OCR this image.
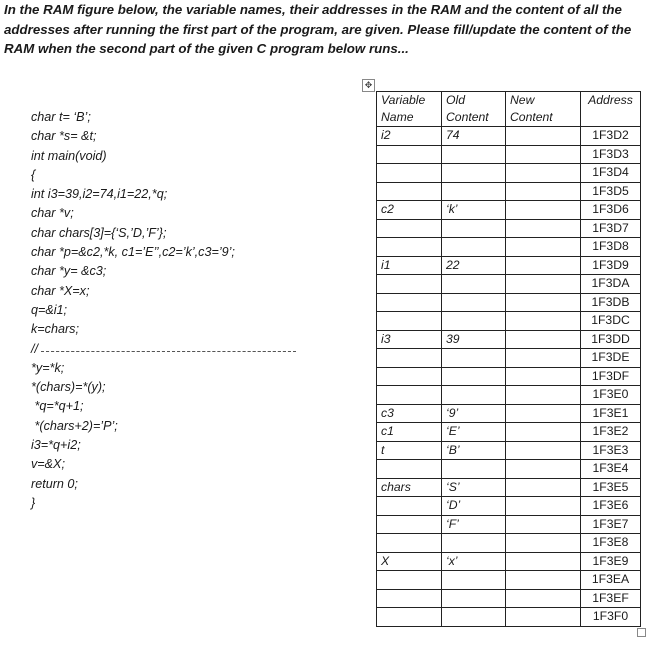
In the RAM figure below, the variable names, their addresses in the RAM and the content of all the addresses after running the first part of the program, are given. Please fill/update the content of the RAM when the second part of the given C program below runs...
char t= ‘B’;
char *s= &t;
int main(void)
{
int i3=39,i2=74,i1=22,*q;
char *v;
char chars[3]={‘S,’D,’F’};
char *p=&c2,*k, c1=’E’’,c2=’k’,c3=’9’;
char *y= &c3;
char *X=x;
q=&i1;
k=chars;
//
*y=*k;
*(chars)=*(y);
*q=*q+1;
*(chars+2)=’P’;
i3=*q+i2;
v=&X;
return 0;
}
✥
Variable Name	Old Content	New Content	Address
i2	74		1F3D2
			1F3D3
			1F3D4
			1F3D5
c2	‘k’		1F3D6
			1F3D7
			1F3D8
i1	22		1F3D9
			1F3DA
			1F3DB
			1F3DC
i3	39		1F3DD
			1F3DE
			1F3DF
			1F3E0
c3	‘9’		1F3E1
c1	‘E’		1F3E2
t	‘B’		1F3E3
			1F3E4
chars	‘S’		1F3E5
	‘D’		1F3E6
	‘F’		1F3E7
			1F3E8
X	‘x’		1F3E9
			1F3EA
			1F3EF
			1F3F0
